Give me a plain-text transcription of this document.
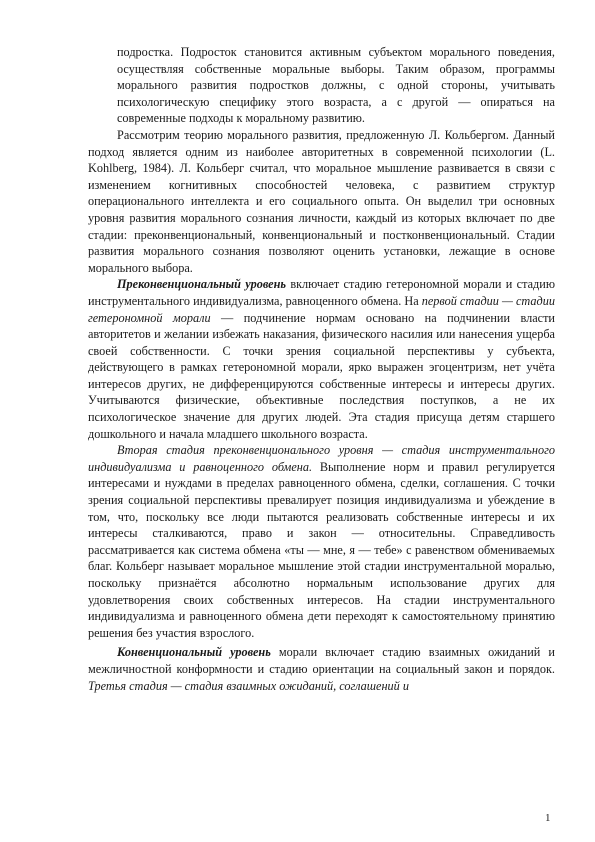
подростка. Подросток становится активным субъектом морального поведения, осуществляя собственные моральные выборы. Таким образом, программы морального развития подростков должны, с одной стороны, учитывать психологическую специфику этого возраста, а с другой — опираться на современные подходы к моральному развитию.

Рассмотрим теорию морального развития, предложенную Л. Кольбергом. Данный подход является одним из наиболее авторитетных в современной психологии (L. Kohlberg, 1984). Л. Кольберг считал, что моральное мышление развивается в связи с изменением когнитивных способностей человека, с развитием структур операционального интеллекта и его социального опыта. Он выделил три основных уровня развития морального сознания личности, каждый из которых включает по две стадии: преконвенциональный, конвенциональный и постконвенциональный. Стадии развития морального сознания позволяют оценить установки, лежащие в основе морального выбора.

Преконвенциональный уровень включает стадию гетерономной морали и стадию инструментального индивидуализма, равноценного обмена. На первой стадии — стадии гетерономной морали — подчинение нормам основано на подчинении власти авторитетов и желании избежать наказания, физического насилия или нанесения ущерба своей собственности. С точки зрения социальной перспективы у субъекта, действующего в рамках гетерономной морали, ярко выражен эгоцентризм, нет учёта интересов других, не дифференцируются собственные интересы и интересы других. Учитываются физические, объективные последствия поступков, а не их психологическое значение для других людей. Эта стадия присуща детям старшего дошкольного и начала младшего школьного возраста.

Вторая стадия преконвенционального уровня — стадия инструментального индивидуализма и равноценного обмена. Выполнение норм и правил регулируется интересами и нуждами в пределах равноценного обмена, сделки, соглашения. С точки зрения социальной перспективы превалирует позиция индивидуализма и убеждение в том, что, поскольку все люди пытаются реализовать собственные интересы и их интересы сталкиваются, право и закон — относительны. Справедливость рассматривается как система обмена «ты — мне, я — тебе» с равенством обмениваемых благ. Кольберг называет моральное мышление этой стадии инструментальной моралью, поскольку признаётся абсолютно нормальным использование других для удовлетворения своих собственных интересов. На стадии инструментального индивидуализма и равноценного обмена дети переходят к самостоятельному принятию решения без участия взрослого.

Конвенциональный уровень морали включает стадию взаимных ожиданий и межличностной конформности и стадию ориентации на социальный закон и порядок. Третья стадия — стадия взаимных ожиданий, соглашений и

1
